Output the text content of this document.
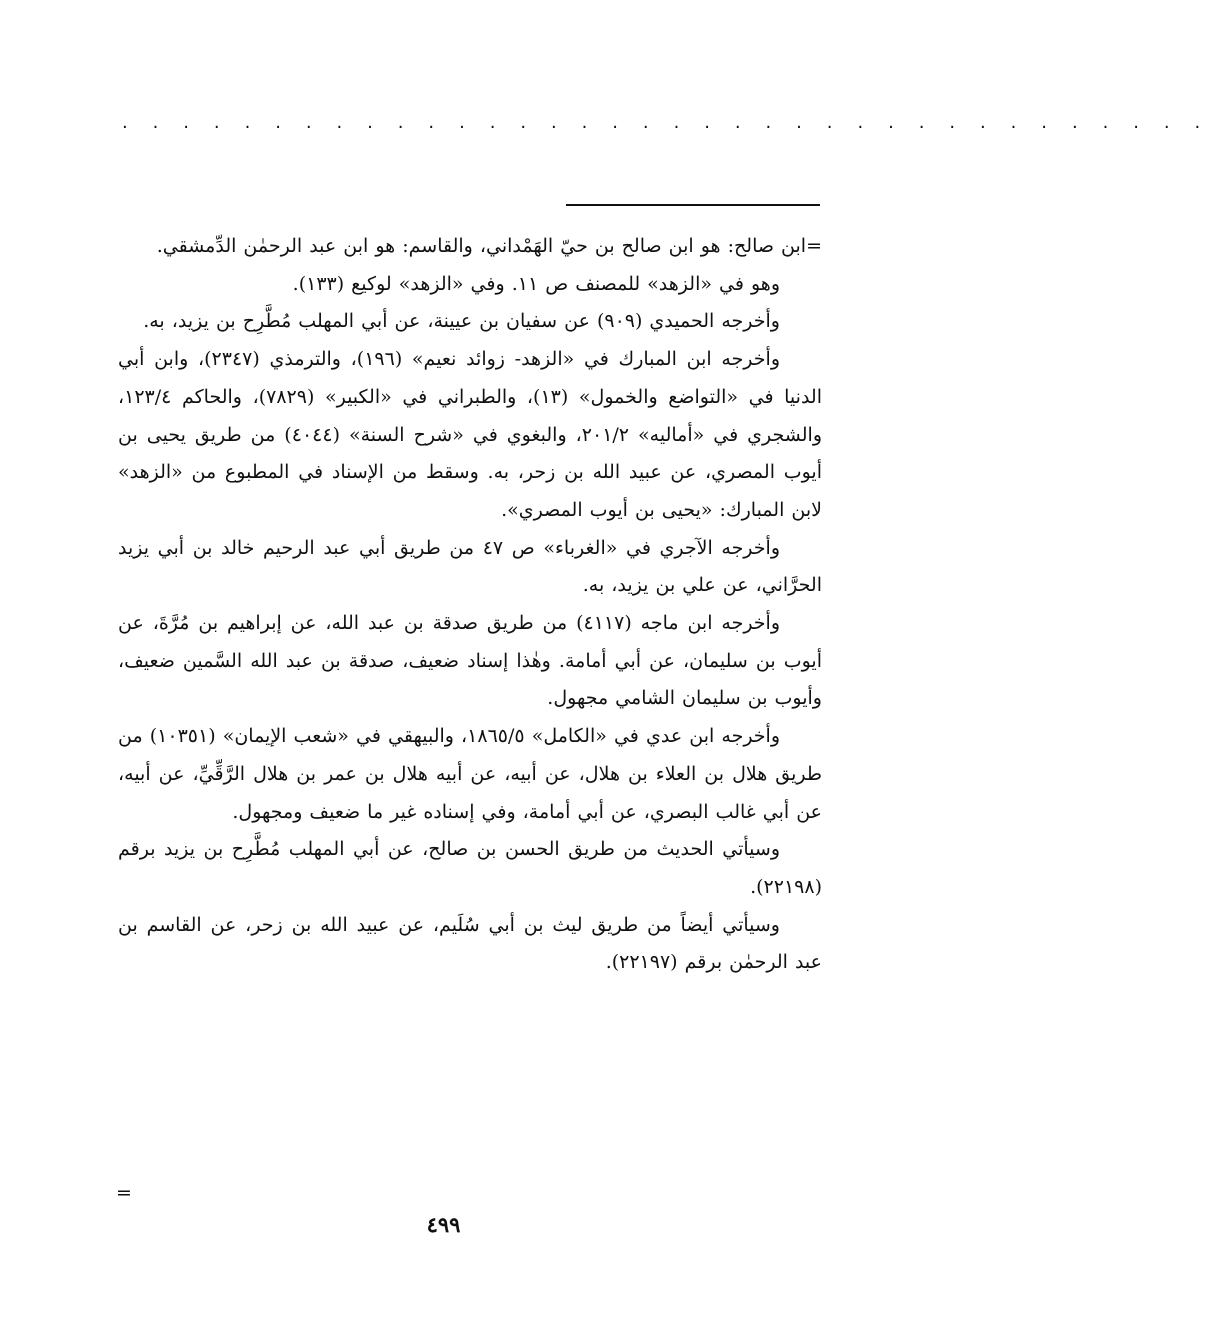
. . . . . . . . . . . . . . . . . . . . . . . . . . . . . . . . . . . .

=ابن صالح: هو ابن صالح بن حيّ الهَمْداني، والقاسم: هو ابن عبد الرحمٰن الدِّمشقي.

وهو في «الزهد» للمصنف ص ١١. وفي «الزهد» لوكيع (١٣٣).

وأخرجه الحميدي (٩٠٩) عن سفيان بن عيينة، عن أبي المهلب مُطَّرِح بن يزيد، به.

وأخرجه ابن المبارك في «الزهد- زوائد نعيم» (١٩٦)، والترمذي (٢٣٤٧)، وابن أبي الدنيا في «التواضع والخمول» (١٣)، والطبراني في «الكبير» (٧٨٢٩)، والحاكم ١٢٣/٤، والشجري في «أماليه» ٢٠١/٢، والبغوي في «شرح السنة» (٤٠٤٤) من طريق يحيى بن أيوب المصري، عن عبيد الله بن زحر، به. وسقط من الإسناد في المطبوع من «الزهد» لابن المبارك: «يحيى بن أيوب المصري».

وأخرجه الآجري في «الغرباء» ص ٤٧ من طريق أبي عبد الرحيم خالد بن أبي يزيد الحرَّاني، عن علي بن يزيد، به.

وأخرجه ابن ماجه (٤١١٧) من طريق صدقة بن عبد الله، عن إبراهيم بن مُرَّةَ، عن أيوب بن سليمان، عن أبي أمامة. وهٰذا إسناد ضعيف، صدقة بن عبد الله السَّمين ضعيف، وأيوب بن سليمان الشامي مجهول.

وأخرجه ابن عدي في «الكامل» ١٨٦٥/٥، والبيهقي في «شعب الإيمان» (١٠٣٥١) من طريق هلال بن العلاء بن هلال، عن أبيه، عن أبيه هلال بن عمر بن هلال الرَّقِّيِّ، عن أبيه، عن أبي غالب البصري، عن أبي أمامة، وفي إسناده غير ما ضعيف ومجهول.

وسيأتي الحديث من طريق الحسن بن صالح، عن أبي المهلب مُطَّرِح بن يزيد برقم (٢٢١٩٨).

وسيأتي أيضاً من طريق ليث بن أبي سُلَيم، عن عبيد الله بن زحر، عن القاسم بن عبد الرحمٰن برقم (٢٢١٩٧).

=
٤٩٩
